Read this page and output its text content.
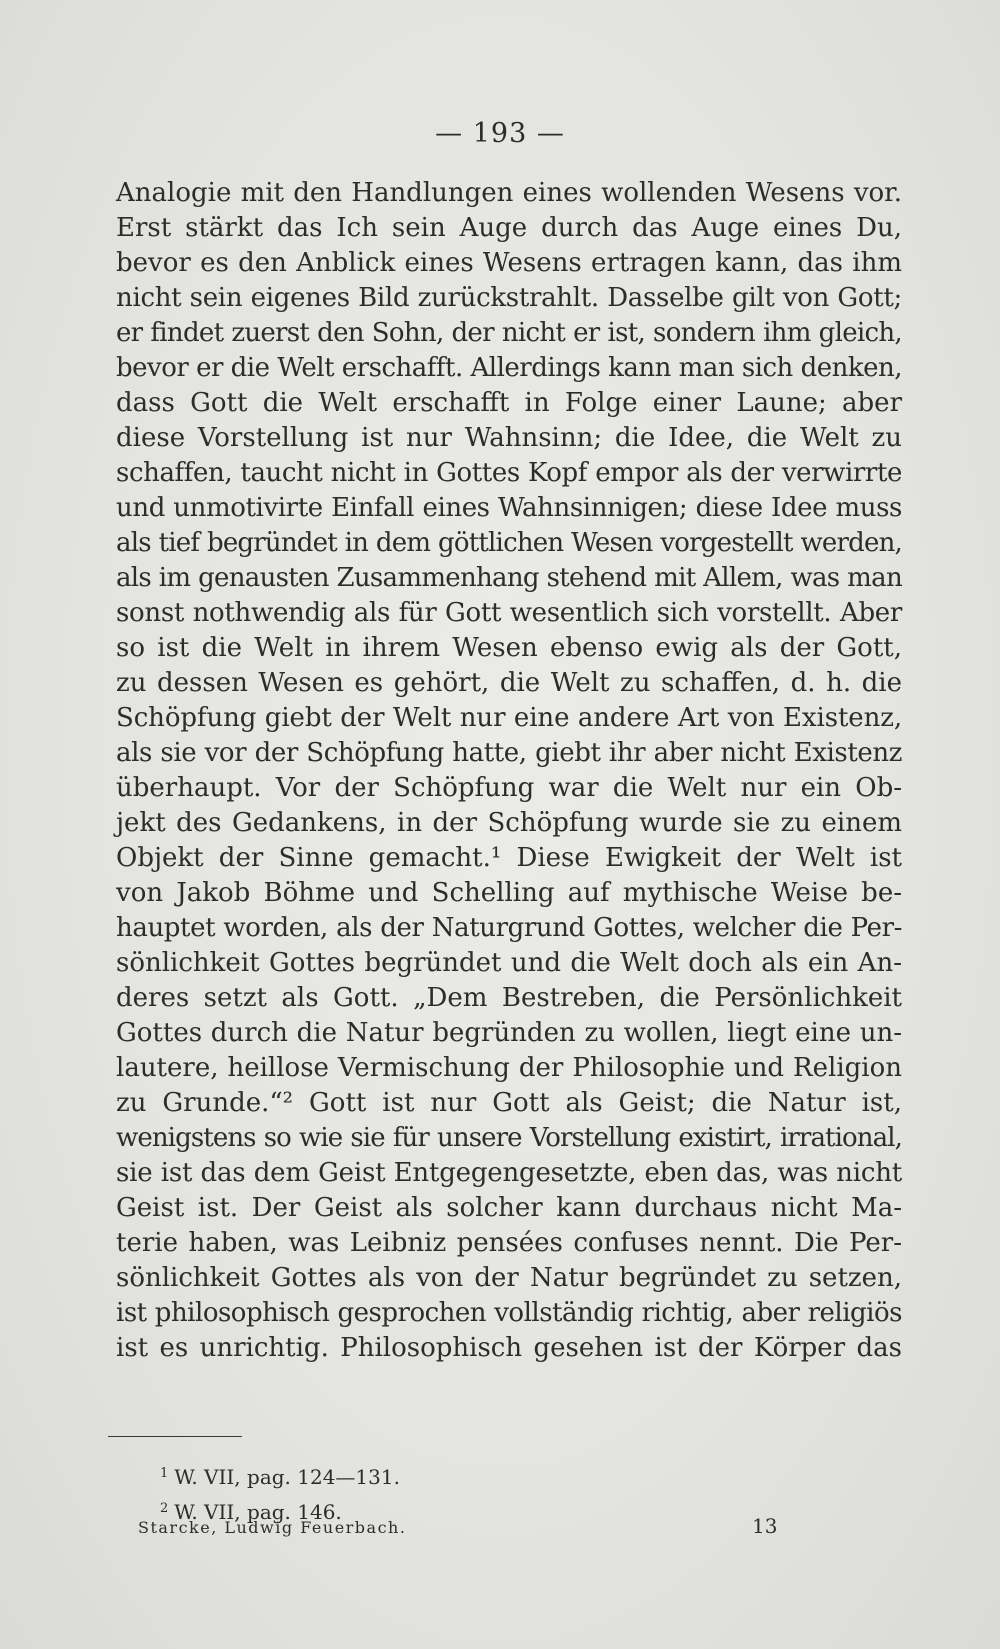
— 193 —
Analogie mit den Handlungen eines wollenden Wesens vor.
Erst stärkt das Ich sein Auge durch das Auge eines Du,
bevor es den Anblick eines Wesens ertragen kann, das ihm
nicht sein eigenes Bild zurückstrahlt. Dasselbe gilt von Gott;
er findet zuerst den Sohn, der nicht er ist, sondern ihm gleich,
bevor er die Welt erschafft. Allerdings kann man sich denken,
dass Gott die Welt erschafft in Folge einer Laune; aber
diese Vorstellung ist nur Wahnsinn; die Idee, die Welt zu
schaffen, taucht nicht in Gottes Kopf empor als der verwirrte
und unmotivirte Einfall eines Wahnsinnigen; diese Idee muss
als tief begründet in dem göttlichen Wesen vorgestellt werden,
als im genausten Zusammenhang stehend mit Allem, was man
sonst nothwendig als für Gott wesentlich sich vorstellt. Aber
so ist die Welt in ihrem Wesen ebenso ewig als der Gott,
zu dessen Wesen es gehört, die Welt zu schaffen, d. h. die
Schöpfung giebt der Welt nur eine andere Art von Existenz,
als sie vor der Schöpfung hatte, giebt ihr aber nicht Existenz
überhaupt. Vor der Schöpfung war die Welt nur ein Ob-
jekt des Gedankens, in der Schöpfung wurde sie zu einem
Objekt der Sinne gemacht.¹ Diese Ewigkeit der Welt ist
von Jakob Böhme und Schelling auf mythische Weise be-
hauptet worden, als der Naturgrund Gottes, welcher die Per-
sönlichkeit Gottes begründet und die Welt doch als ein An-
deres setzt als Gott. „Dem Bestreben, die Persönlichkeit
Gottes durch die Natur begründen zu wollen, liegt eine un-
lautere, heillose Vermischung der Philosophie und Religion
zu Grunde.“² Gott ist nur Gott als Geist; die Natur ist,
wenigstens so wie sie für unsere Vorstellung existirt, irrational,
sie ist das dem Geist Entgegengesetzte, eben das, was nicht
Geist ist. Der Geist als solcher kann durchaus nicht Ma-
terie haben, was Leibniz pensées confuses nennt. Die Per-
sönlichkeit Gottes als von der Natur begründet zu setzen,
ist philosophisch gesprochen vollständig richtig, aber religiös
ist es unrichtig. Philosophisch gesehen ist der Körper das
$^1$ W. VII, pag. 124—131.
$^2$ W. VII, pag. 146.
Starcke, Ludwig Feuerbach.	13
